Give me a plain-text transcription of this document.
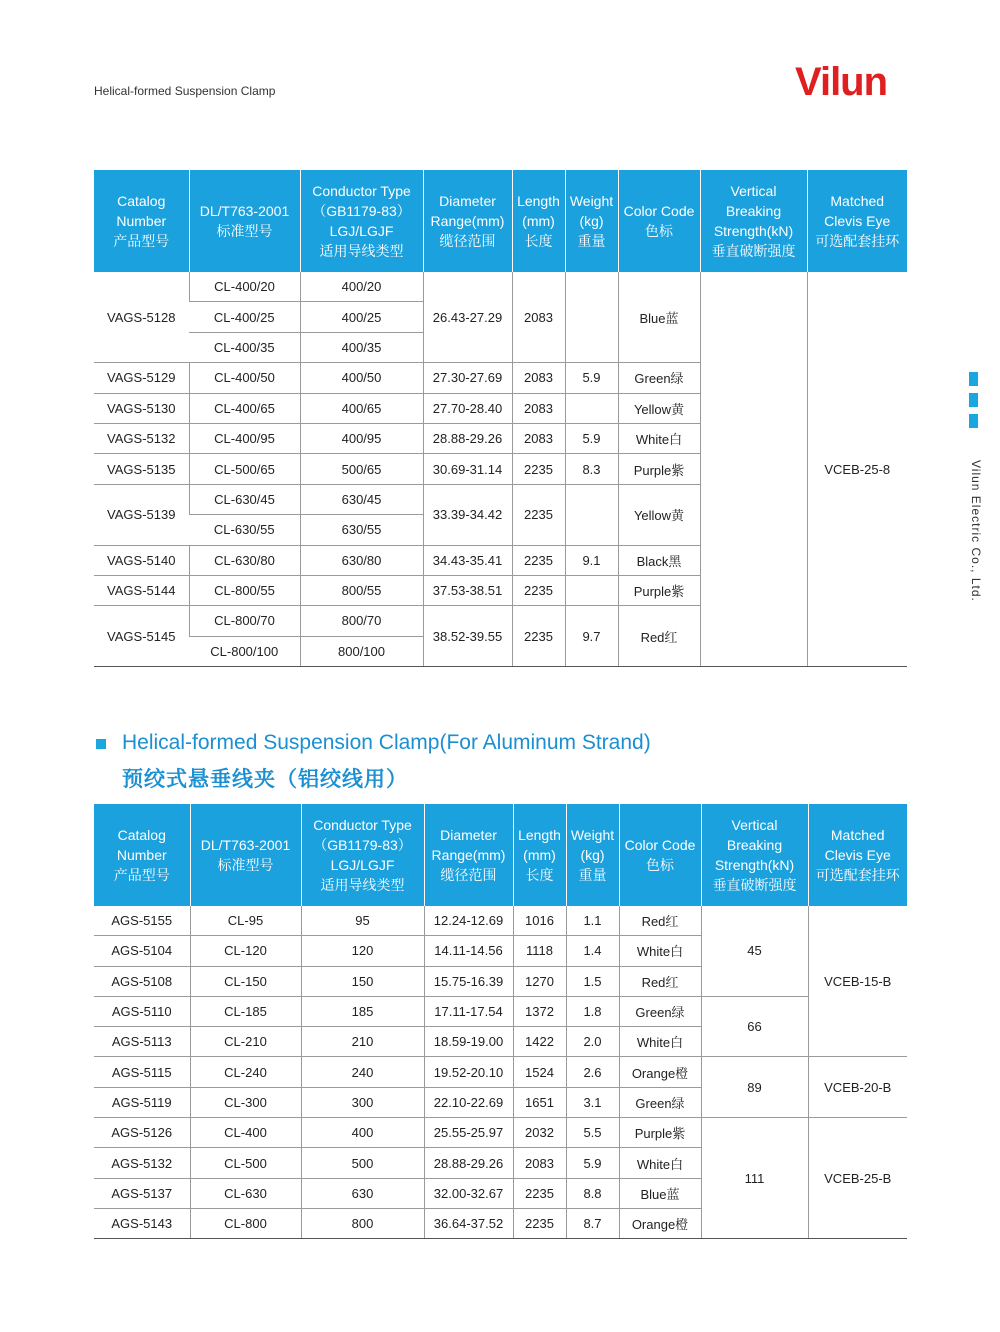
Helical-formed Suspension Clamp	Vilun
Vilun Electric Co., Ltd.
Catalog
Number
产品型号	DL/T763-2001
标准型号	Conductor Type
（GB1179-83）
LGJ/LGJF
适用导线类型	Diameter
Range(mm)
缆径范围	Length
(mm)
长度	Weight
(kg)
重量	Color Code
色标	Vertical
Breaking
Strength(kN)
垂直破断强度	Matched
Clevis Eye
可选配套挂环

VAGS-5128	CL-400/20	400/20	26.43-27.29	2083		Blue蓝		VCEB-25-8
	CL-400/25	400/25						
	CL-400/35	400/35						
VAGS-5129	CL-400/50	400/50	27.30-27.69	2083	5.9	Green绿		
VAGS-5130	CL-400/65	400/65	27.70-28.40	2083		Yellow黄		
VAGS-5132	CL-400/95	400/95	28.88-29.26	2083	5.9	White白		
VAGS-5135	CL-500/65	500/65	30.69-31.14	2235	8.3	Purple紫		
VAGS-5139	CL-630/45	630/45	33.39-34.42	2235		Yellow黄		
	CL-630/55	630/55						
VAGS-5140	CL-630/80	630/80	34.43-35.41	2235	9.1	Black黑		
VAGS-5144	CL-800/55	800/55	37.53-38.51	2235		Purple紫		
VAGS-5145	CL-800/70	800/70	38.52-39.55	2235	9.7	Red红		
	CL-800/100	800/100						
Helical-formed Suspension Clamp(For Aluminum Strand)
预绞式悬垂线夹（铝绞线用）
Catalog
Number
产品型号	DL/T763-2001
标准型号	Conductor Type
（GB1179-83）
LGJ/LGJF
适用导线类型	Diameter
Range(mm)
缆径范围	Length
(mm)
长度	Weight
(kg)
重量	Color Code
色标	Vertical
Breaking
Strength(kN)
垂直破断强度	Matched
Clevis Eye
可选配套挂环

AGS-5155	CL-95	95	12.24-12.69	1016	1.1	Red红	45	VCEB-15-B
AGS-5104	CL-120	120	14.11-14.56	1118	1.4	White白		
AGS-5108	CL-150	150	15.75-16.39	1270	1.5	Red红		
AGS-5110	CL-185	185	17.11-17.54	1372	1.8	Green绿	66	
AGS-5113	CL-210	210	18.59-19.00	1422	2.0	White白		
AGS-5115	CL-240	240	19.52-20.10	1524	2.6	Orange橙	89	VCEB-20-B
AGS-5119	CL-300	300	22.10-22.69	1651	3.1	Green绿		
AGS-5126	CL-400	400	25.55-25.97	2032	5.5	Purple紫	111	VCEB-25-B
AGS-5132	CL-500	500	28.88-29.26	2083	5.9	White白		
AGS-5137	CL-630	630	32.00-32.67	2235	8.8	Blue蓝		
AGS-5143	CL-800	800	36.64-37.52	2235	8.7	Orange橙		
